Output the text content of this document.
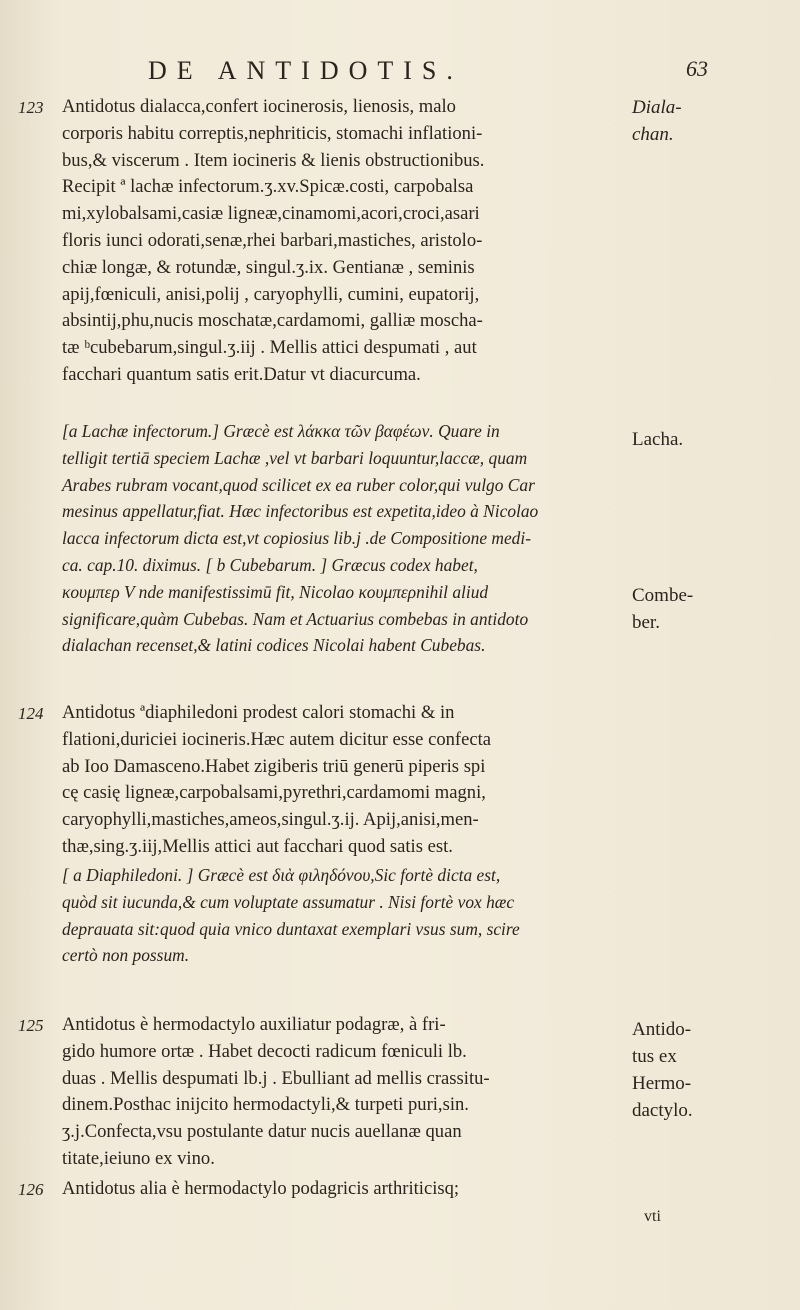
DE ANTIDOTIS.	63
123 Antidotus dialacca,confert iocinerosis, lienosis, malo
corporis habitu correptis,nephriticis, stomachi inflationi-
bus,& viscerum . Item iocineris & lienis obstructionibus.
Recipit ª lachæ infectorum.ʒ.xv.Spicæ.costi, carpobalsa
mi,xylobalsami,casiæ ligneæ,cinamomi,acori,croci,asari
floris iunci odorati,senæ,rhei barbari,mastiches, aristolo-
chiæ longæ, & rotundæ, singul.ʒ.ix. Gentianæ , seminis
apij,fœniculi, anisi,polij , caryophylli, cumini, eupatorij,
absintij,phu,nucis moschatæ,cardamomi, galliæ moscha-
tæ ᵇcubebarum,singul.ʒ.iij . Mellis attici despumati , aut
facchari quantum satis erit.Datur vt diacurcuma.
Diala-
chan.
[a Lachæ infectorum.] Græcè est λάκκα τῶν βαφέων. Quare in
telligit tertiā speciem Lachæ ,vel vt barbari loquuntur,laccæ, quam
Arabes rubram vocant,quod scilicet ex ea ruber color,qui vulgo Car
mesinus appellatur,fiat. Hæc infectoribus est expetita,ideo à Nicolao
lacca infectorum dicta est,vt copiosius lib.j .de Compositione medi-
ca. cap.10. diximus. [ b Cubebarum. ] Græcus codex habet,
κουμπερ V nde manifestissimū fit, Nicolao κουμπερnihil aliud
significare,quàm Cubebas. Nam et Actuarius combebas in antidoto
dialachan recenset,& latini codices Nicolai habent Cubebas.
Lacha.
Combe-
ber.
124 Antidotus ªdiaphiledoni prodest calori stomachi & in
flationi,duriciei iocineris.Hæc autem dicitur esse confecta
ab Ioo Damasceno.Habet zigiberis triū generū piperis spi
cę casię ligneæ,carpobalsami,pyrethri,cardamomi magni,
caryophylli,mastiches,ameos,singul.ʒ.ij. Apij,anisi,men-
thæ,sing.ʒ.iij,Mellis attici aut facchari quod satis est.
[ a Diaphiledoni. ] Græcè est διὰ φιληδόνου,Sic fortè dicta est,
quòd sit iucunda,& cum voluptate assumatur . Nisi fortè vox hæc
deprauata sit:quod quia vnico duntaxat exemplari vsus sum, scire
certò non possum.
125 Antidotus è hermodactylo auxiliatur podagræ, à fri-
gido humore ortæ . Habet decocti radicum fœniculi lb.
duas . Mellis despumati lb.j . Ebulliant ad mellis crassitu-
dinem.Posthac inijcito hermodactyli,& turpeti puri,sin.
ʒ.j.Confecta,vsu postulante datur nucis auellanæ quan
titate,ieiuno ex vino.
Antido-
tus ex
Hermo-
dactylo.
126 Antidotus alia è hermodactylo podagricis arthriticisq;
vti
